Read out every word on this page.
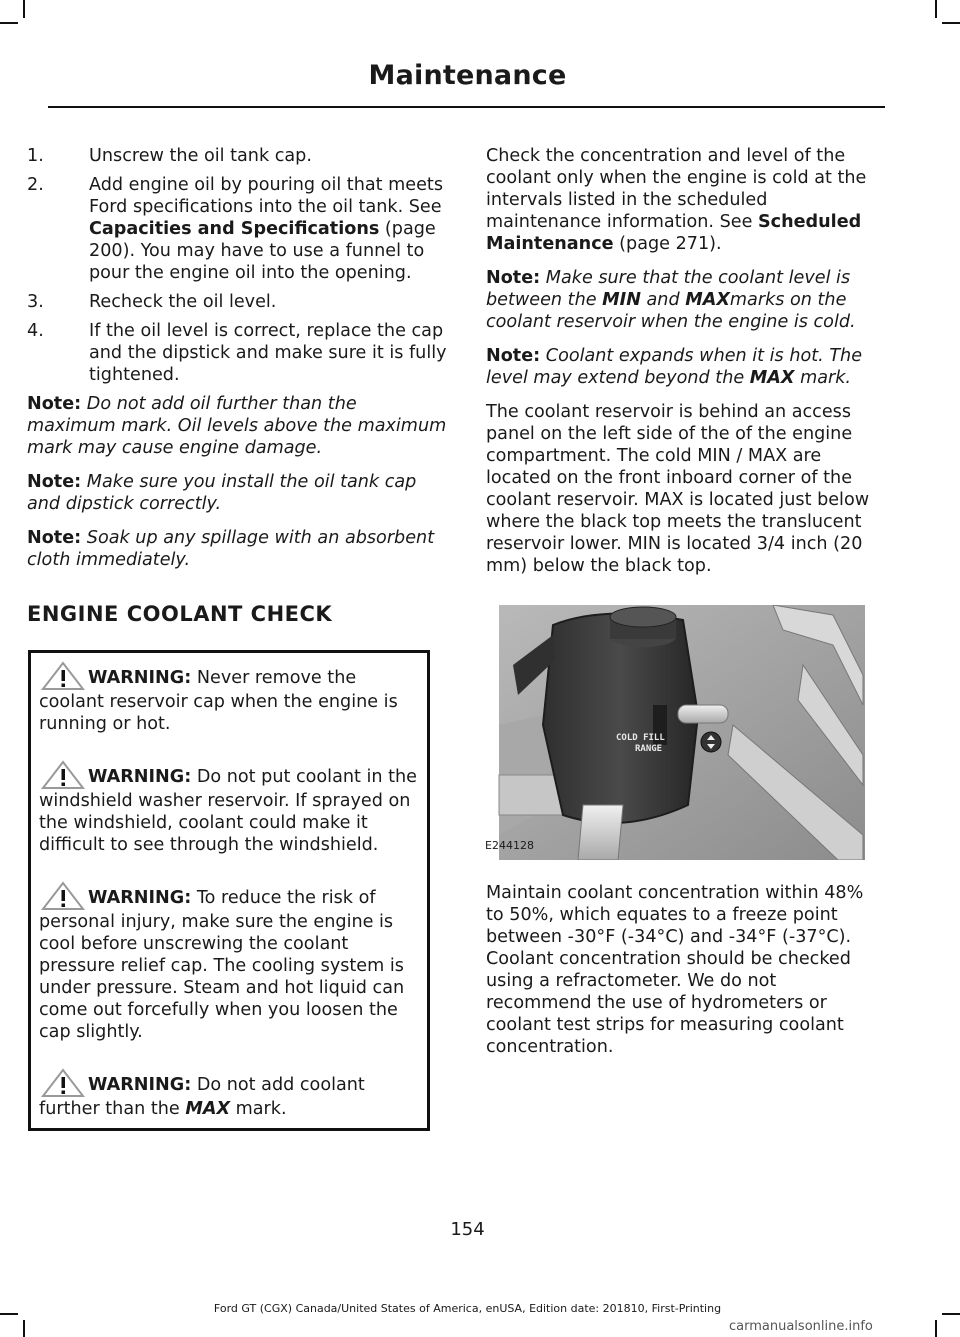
Maintenance
1.	Unscrew the oil tank cap.
2.	Add engine oil by pouring oil that meets Ford specifications into the oil tank. See Capacities and Specifications (page 200). You may have to use a funnel to pour the engine oil into the opening.
3.	Recheck the oil level.
4.	If the oil level is correct, replace the cap and the dipstick and make sure it is fully tightened.

Note: Do not add oil further than the maximum mark. Oil levels above the maximum mark may cause engine damage.

Note: Make sure you install the oil tank cap and dipstick correctly.

Note: Soak up any spillage with an absorbent cloth immediately.

ENGINE COOLANT CHECK
WARNING: Never remove the coolant reservoir cap when the engine is running or hot.
WARNING: Do not put coolant in the windshield washer reservoir. If sprayed on the windshield, coolant could make it difficult to see through the windshield.
WARNING: To reduce the risk of personal injury, make sure the engine is cool before unscrewing the coolant pressure relief cap. The cooling system is under pressure. Steam and hot liquid can come out forcefully when you loosen the cap slightly.
WARNING: Do not add coolant further than the MAX mark.

Check the concentration and level of the coolant only when the engine is cold at the intervals listed in the scheduled maintenance information. See Scheduled Maintenance (page 271).

Note: Make sure that the coolant level is between the MIN and MAXmarks on the coolant reservoir when the engine is cold.

Note: Coolant expands when it is hot. The level may extend beyond the MAX mark.

The coolant reservoir is behind an access panel on the left side of the of the engine compartment. The cold MIN / MAX are located on the front inboard corner of the coolant reservoir. MAX is located just below where the black top meets the translucent reservoir lower. MIN is located 3/4 inch (20 mm) below the black top.

COLD FILL
RANGE
E244128

Maintain coolant concentration within 48% to 50%, which equates to a freeze point between -30°F (-34°C) and -34°F (-37°C). Coolant concentration should be checked using a refractometer. We do not recommend the use of hydrometers or coolant test strips for measuring coolant concentration.

154
Ford GT (CGX) Canada/United States of America, enUSA, Edition date: 201810, First-Printing
carmanualsonline.info
